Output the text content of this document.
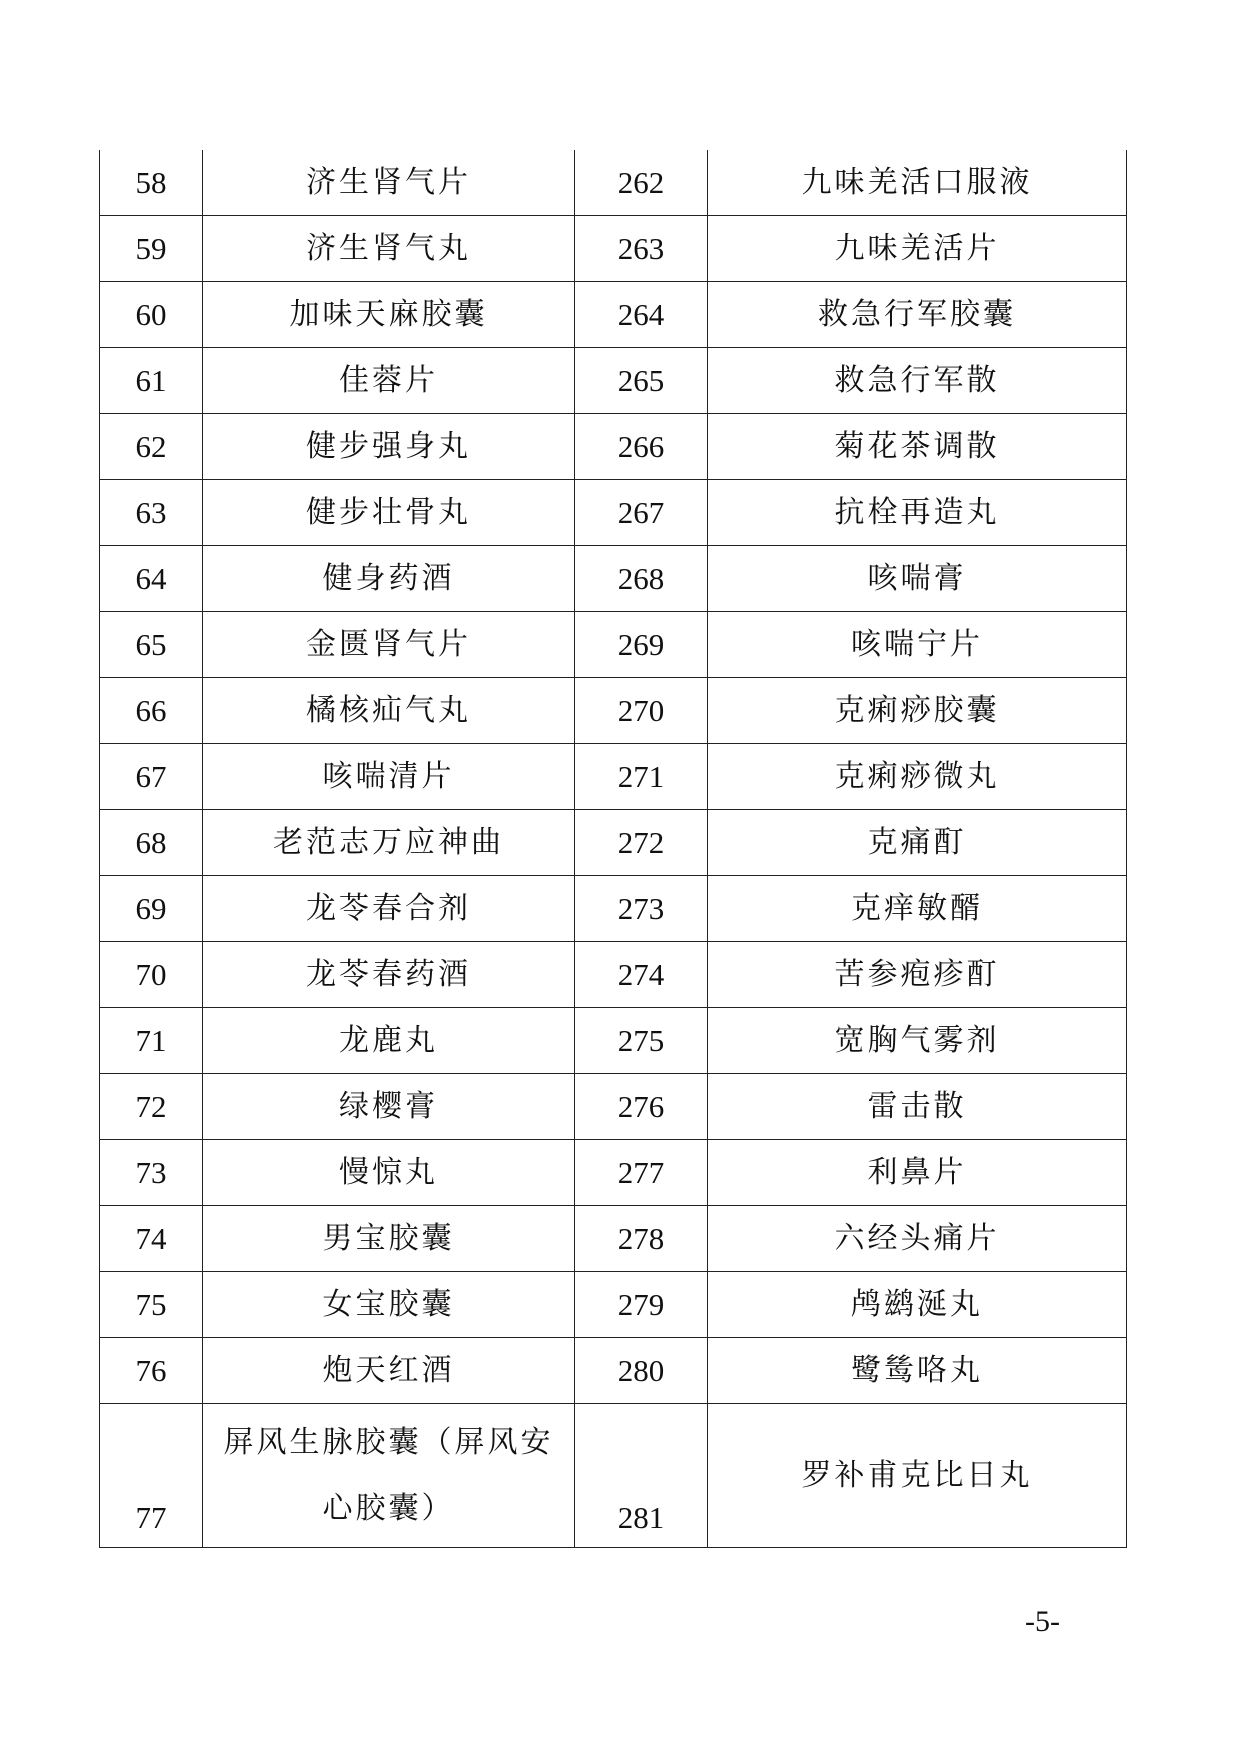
58	济生肾气片	262	九味羌活口服液
59	济生肾气丸	263	九味羌活片
60	加味天麻胶囊	264	救急行军胶囊
61	佳蓉片	265	救急行军散
62	健步强身丸	266	菊花茶调散
63	健步壮骨丸	267	抗栓再造丸
64	健身药酒	268	咳喘膏
65	金匮肾气片	269	咳喘宁片
66	橘核疝气丸	270	克痢痧胶囊
67	咳喘清片	271	克痢痧微丸
68	老范志万应神曲	272	克痛酊
69	龙苓春合剂	273	克痒敏醑
70	龙苓春药酒	274	苦参疱疹酊
71	龙鹿丸	275	宽胸气雾剂
72	绿樱膏	276	雷击散
73	慢惊丸	277	利鼻片
74	男宝胶囊	278	六经头痛片
75	女宝胶囊	279	鸬鹚涎丸
76	炮天红酒	280	鹭鸶咯丸
77	屏风生脉胶囊（屏风安心胶囊）	281	罗补甫克比日丸
-5-
